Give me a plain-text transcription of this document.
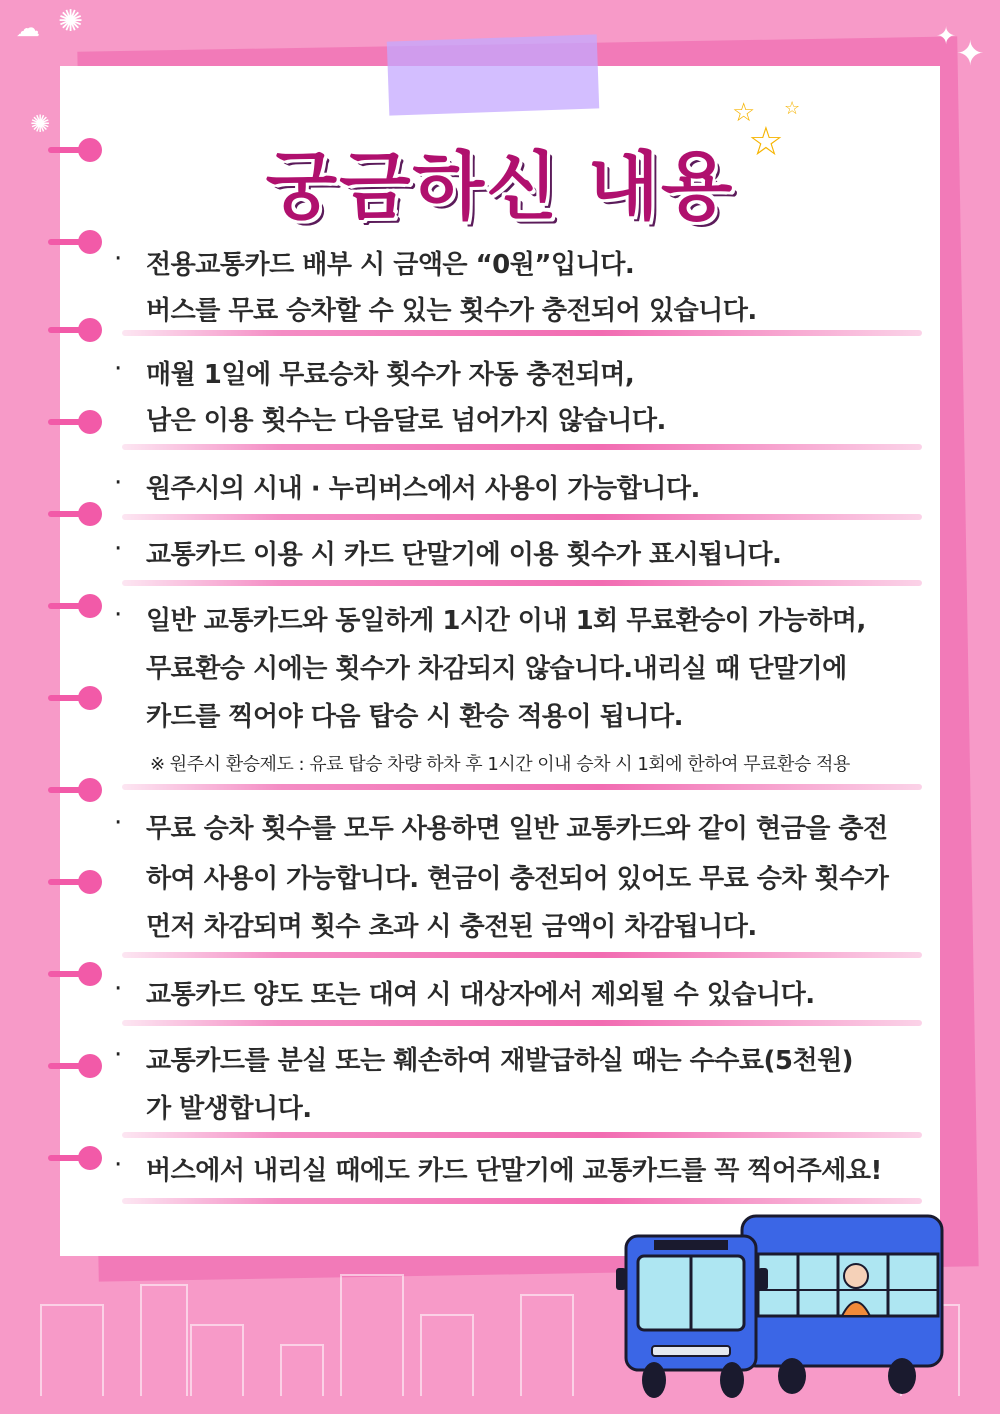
✺
☁
✺
✦ ✦
궁금하신 내용
☆ ☆
☆
· 전용교통카드 배부 시 금액은 “0원”입니다.
버스를 무료 승차할 수 있는 횟수가 충전되어 있습니다.
· 매월 1일에 무료승차 횟수가 자동 충전되며,
남은 이용 횟수는 다음달로 넘어가지 않습니다.
· 원주시의 시내 · 누리버스에서 사용이 가능합니다.
· 교통카드 이용 시 카드 단말기에 이용 횟수가 표시됩니다.
· 일반 교통카드와 동일하게 1시간 이내 1회 무료환승이 가능하며,
무료환승 시에는 횟수가 차감되지 않습니다.내리실 때 단말기에
카드를 찍어야 다음 탑승 시 환승 적용이 됩니다.
※ 원주시 환승제도 : 유료 탑승 차량 하차 후 1시간 이내 승차 시 1회에 한하여 무료환승 적용
· 무료 승차 횟수를 모두 사용하면 일반 교통카드와 같이 현금을 충전
하여 사용이 가능합니다. 현금이 충전되어 있어도 무료 승차 횟수가
먼저 차감되며 횟수 초과 시 충전된 금액이 차감됩니다.
· 교통카드 양도 또는 대여 시 대상자에서 제외될 수 있습니다.
· 교통카드를 분실 또는 훼손하여 재발급하실 때는 수수료(5천원)
가 발생합니다.
· 버스에서 내리실 때에도 카드 단말기에 교통카드를 꼭 찍어주세요!
